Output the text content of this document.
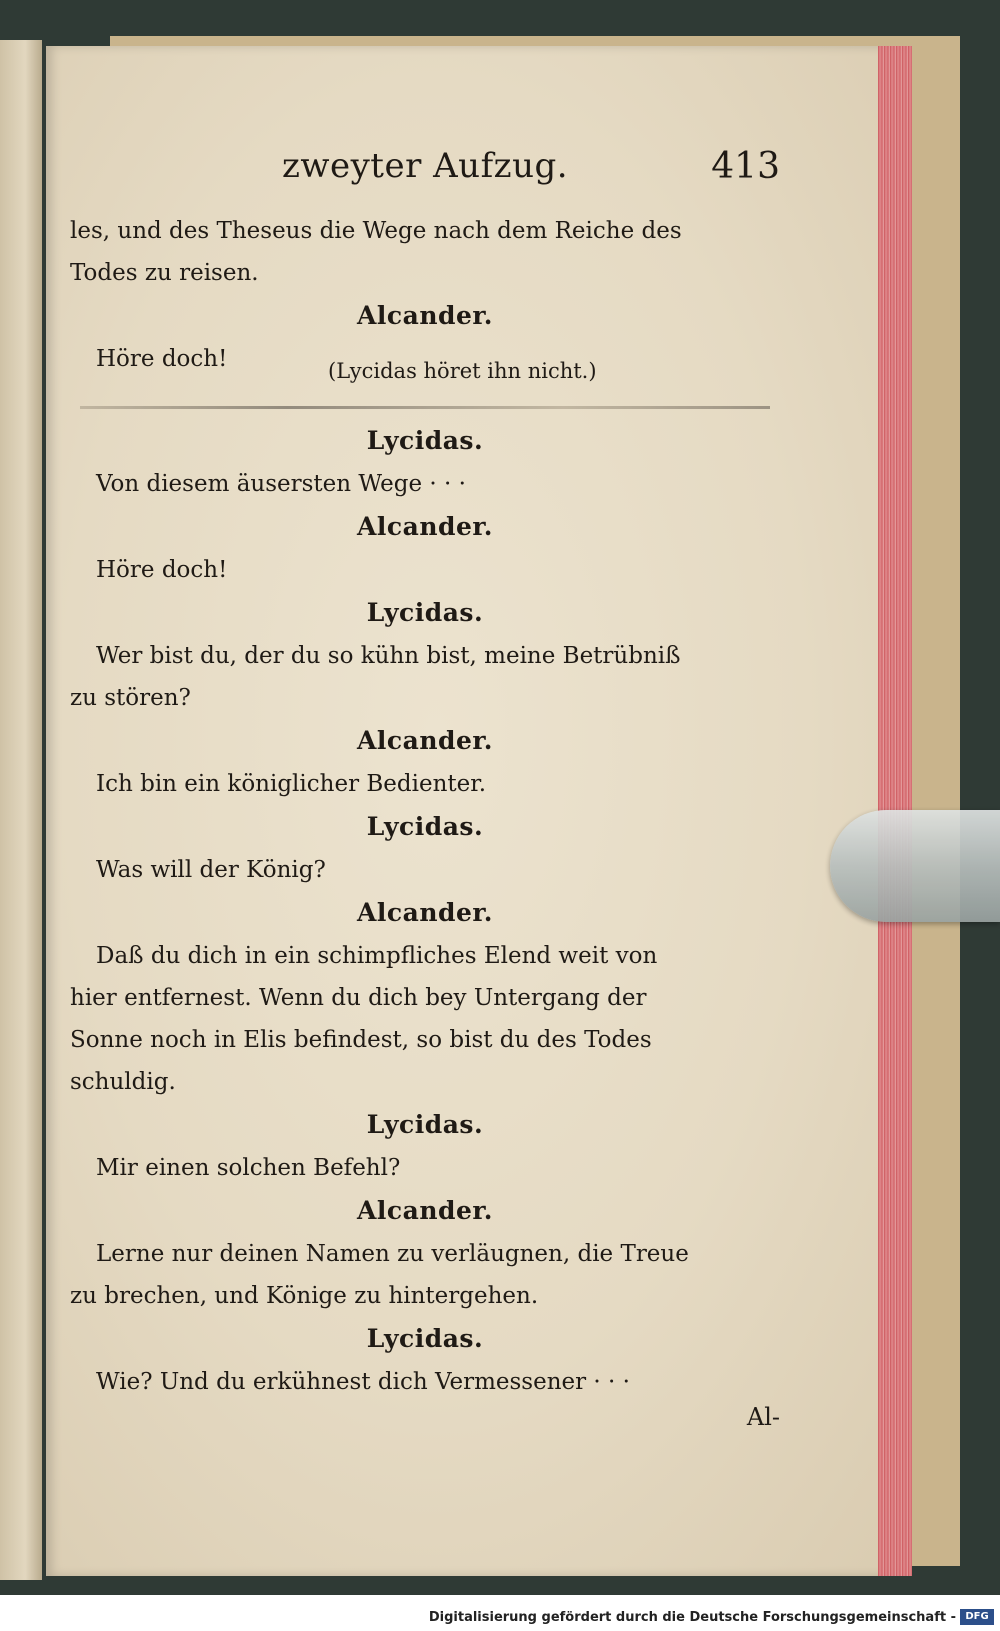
zweyter Aufzug.	413
les, und des Theseus die Wege nach dem Reiche des
Todes zu reisen.
Alcander.
Höre doch!	(Lycidas höret ihn nicht.)
Lycidas.
Von diesem äusersten Wege · · ·
Alcander.
Höre doch!
Lycidas.
Wer bist du, der du so kühn bist, meine Betrübniß
zu stören?
Alcander.
Ich bin ein königlicher Bedienter.
Lycidas.
Was will der König?
Alcander.
Daß du dich in ein schimpfliches Elend weit von
hier entfernest. Wenn du dich bey Untergang der
Sonne noch in Elis befindest, so bist du des Todes
schuldig.
Lycidas.
Mir einen solchen Befehl?
Alcander.
Lerne nur deinen Namen zu verläugnen, die Treue
zu brechen, und Könige zu hintergehen.
Lycidas.
Wie? Und du erkühnest dich Vermessener · · ·
Al-
Digitalisierung gefördert durch die Deutsche Forschungsgemeinschaft - DFG
